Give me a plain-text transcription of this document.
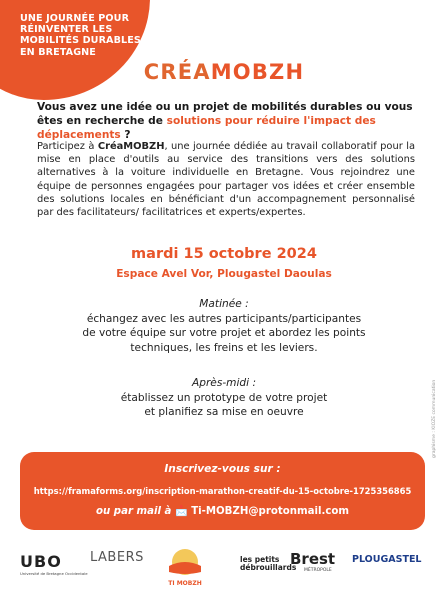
UNE JOURNÉE POUR
RÉINVENTER LES
MOBILITÉS DURABLES
EN BRETAGNE
CRÉAMOBZH
Vous avez une idée ou un projet de mobilités durables ou vous êtes en recherche de solutions pour réduire l'impact des déplacements ?
Participez à CréaMOBZH, une journée dédiée au travail collaboratif pour la mise en place d'outils au service des transitions vers des solutions alternatives à la voiture individuelle en Bretagne. Vous rejoindrez une équipe de personnes engagées pour partager vos idées et créer ensemble des solutions locales en bénéficiant d'un accompagnement personnalisé par des facilitateurs/ facilitatrices et experts/expertes.
mardi 15 octobre 2024
Espace Avel Vor, Plougastel Daoulas
Matinée :
échangez avec les autres participants/participantes
de votre équipe sur votre projet et abordez les points
techniques, les freins et les leviers.
Après-midi :
établissez un prototype de votre projet
et planifiez sa mise en oeuvre
Inscrivez-vous sur :
https://framaforms.org/inscription-marathon-creatif-du-15-octobre-1725356865
ou par mail à 📩 Ti-MOBZH@protonmail.com
graphisme : KIOZE communication
UBO
Université de Bretagne Occidentale
LABERS
TI MOBZH
les petits
débrouillards
Brest
MÉTROPOLE
PLOUGASTEL
